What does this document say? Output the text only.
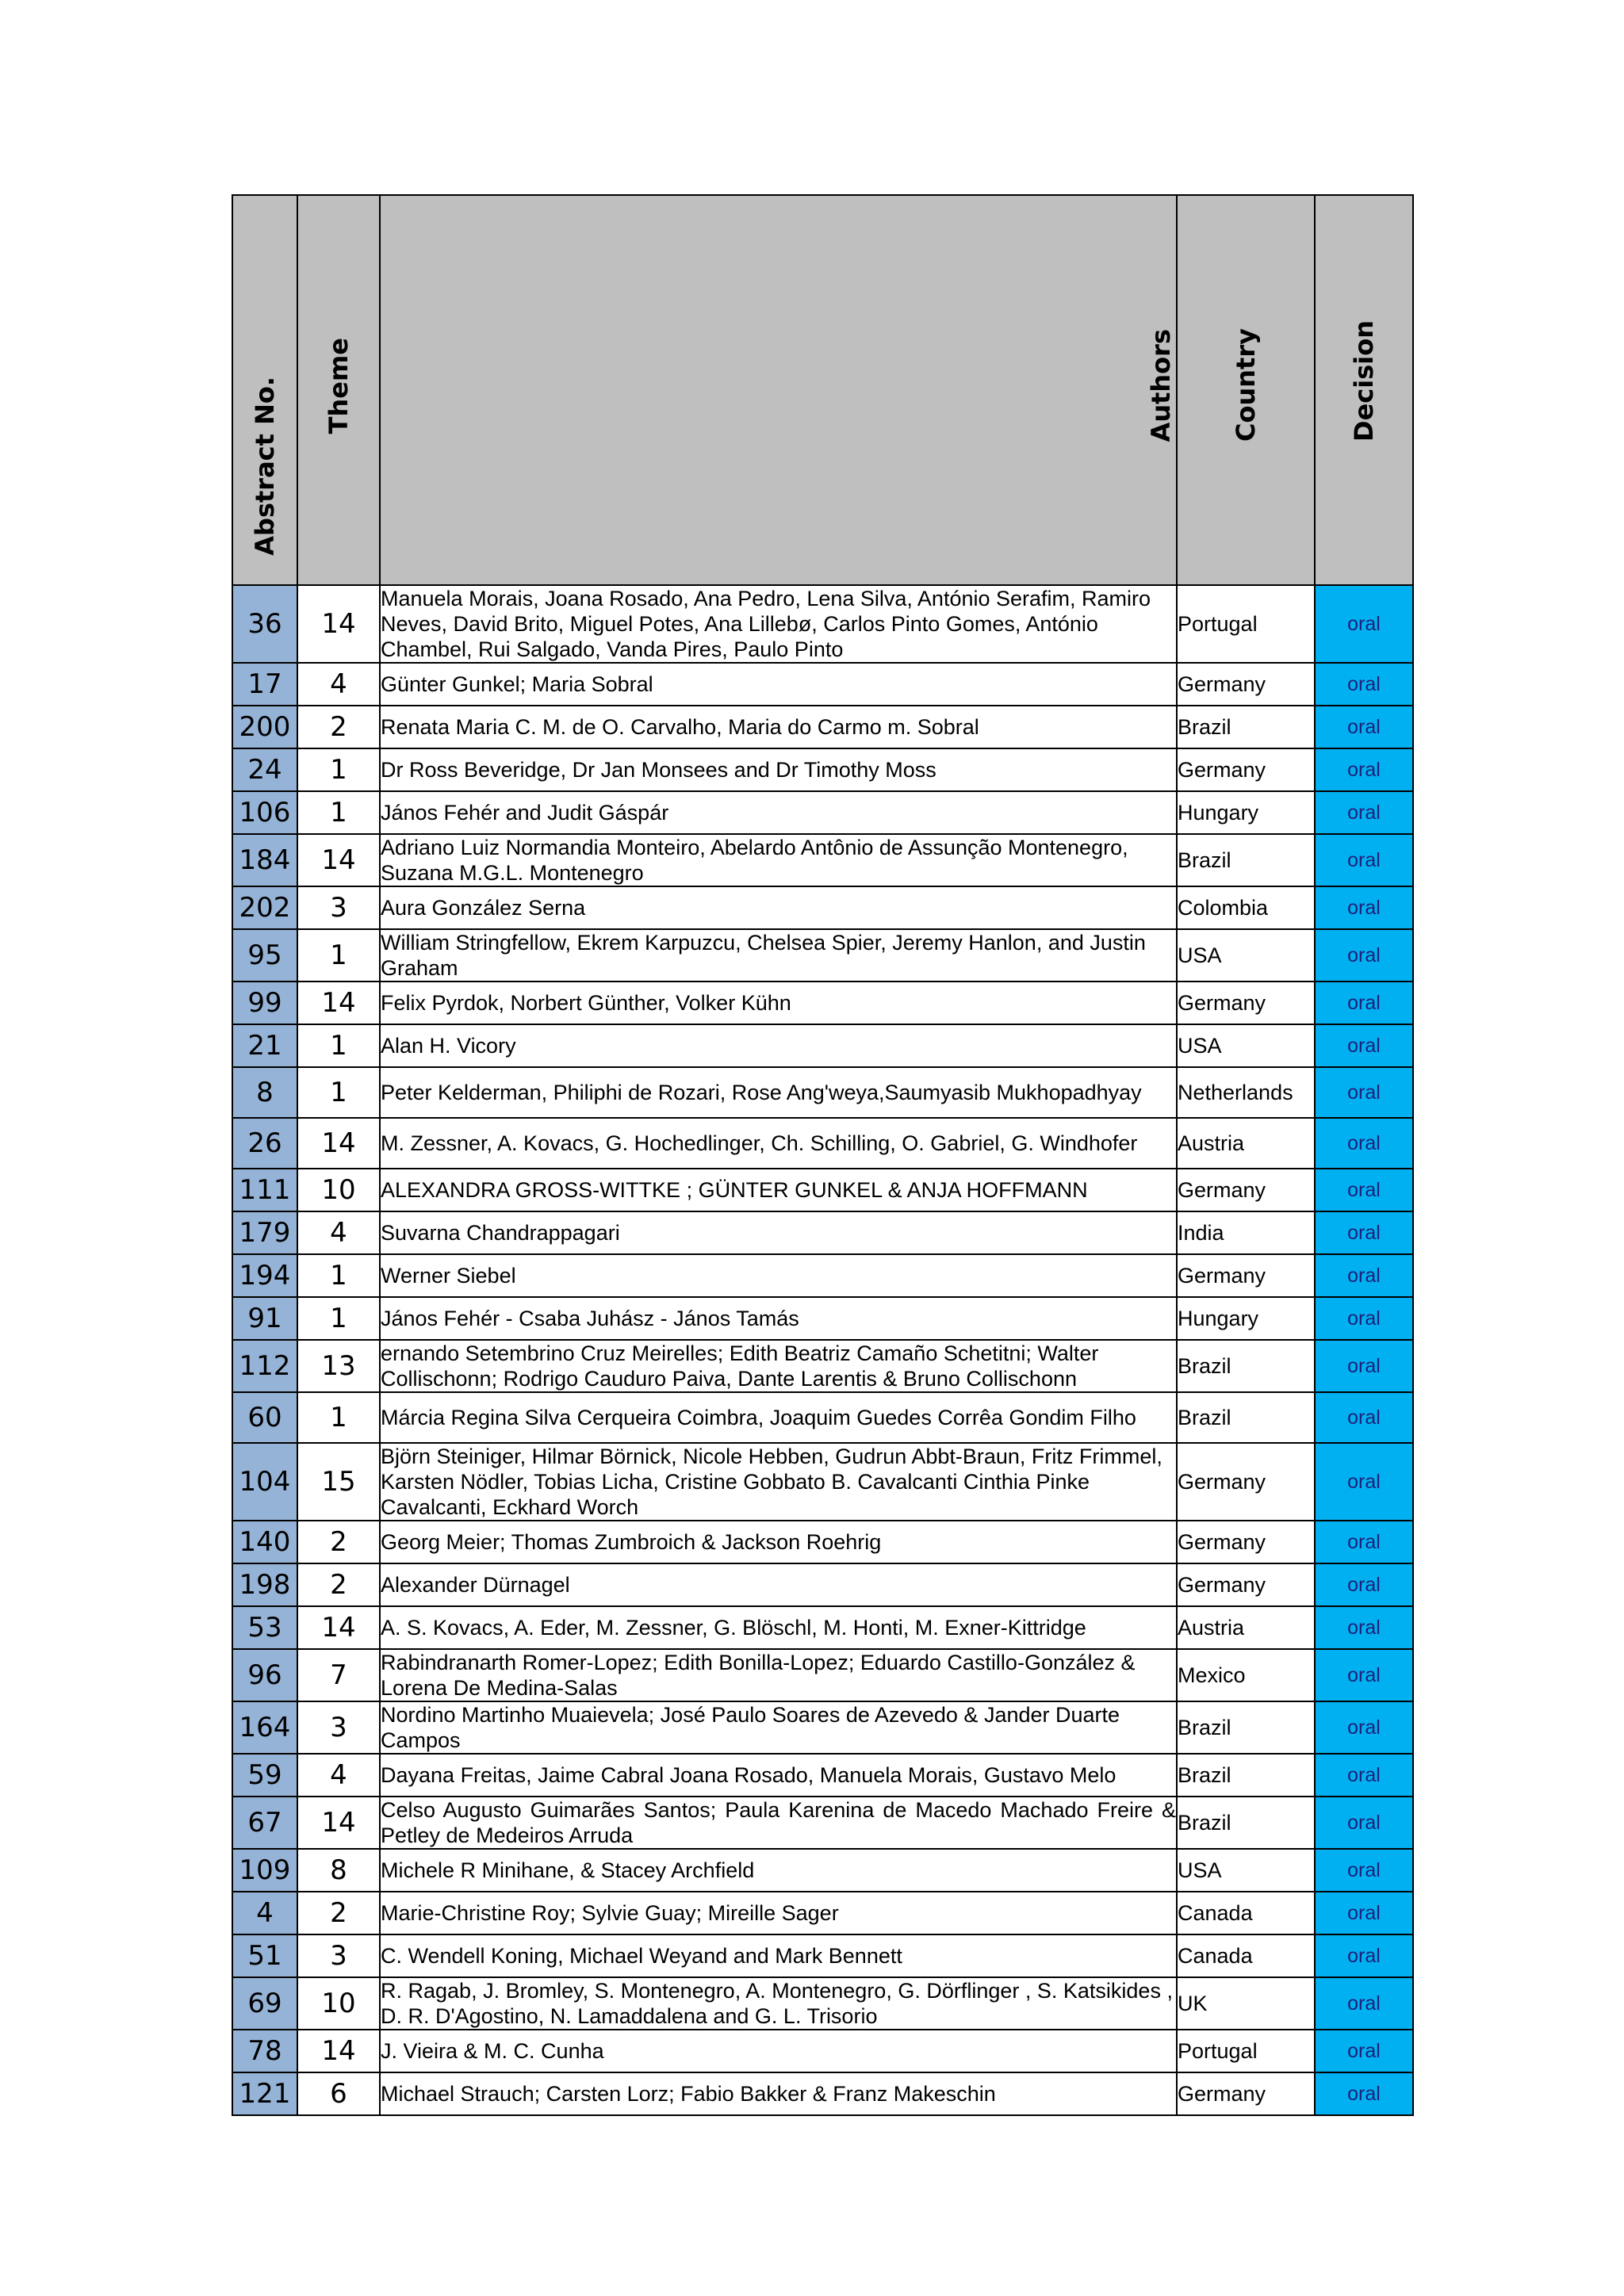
Abstract No.	Theme	Authors	Country	Decision

36	14	Manuela Morais, Joana Rosado, Ana Pedro, Lena Silva, António Serafim, Ramiro Neves, David Brito, Miguel Potes, Ana Lillebø, Carlos Pinto Gomes, António Chambel, Rui Salgado, Vanda Pires, Paulo Pinto	Portugal	oral
17	4	Günter Gunkel; Maria Sobral	Germany	oral
200	2	Renata Maria C. M. de O. Carvalho, Maria do Carmo m. Sobral	Brazil	oral
24	1	Dr Ross Beveridge, Dr Jan Monsees and Dr Timothy Moss	Germany	oral
106	1	János Fehér and Judit Gáspár	Hungary	oral
184	14	Adriano Luiz Normandia Monteiro, Abelardo Antônio de Assunção Montenegro, Suzana M.G.L. Montenegro	Brazil	oral
202	3	Aura González Serna	Colombia	oral
95	1	William Stringfellow, Ekrem Karpuzcu, Chelsea Spier, Jeremy Hanlon, and Justin Graham	USA	oral
99	14	Felix Pyrdok, Norbert Günther, Volker Kühn	Germany	oral
21	1	Alan H. Vicory	USA	oral
8	1	Peter Kelderman, Philiphi de Rozari, Rose Ang'weya,Saumyasib Mukhopadhyay	Netherlands	oral
26	14	M. Zessner, A. Kovacs, G. Hochedlinger, Ch. Schilling, O. Gabriel, G. Windhofer	Austria	oral
111	10	ALEXANDRA GROSS-WITTKE ; GÜNTER GUNKEL & ANJA HOFFMANN	Germany	oral
179	4	Suvarna Chandrappagari	India	oral
194	1	Werner Siebel	Germany	oral
91	1	János Fehér - Csaba Juhász - János Tamás	Hungary	oral
112	13	ernando Setembrino Cruz Meirelles; Edith Beatriz Camaño Schetitni; Walter Collischonn; Rodrigo Cauduro Paiva, Dante Larentis & Bruno Collischonn	Brazil	oral
60	1	Márcia Regina Silva Cerqueira Coimbra, Joaquim Guedes Corrêa Gondim Filho	Brazil	oral
104	15	Björn Steiniger, Hilmar Börnick, Nicole Hebben, Gudrun Abbt-Braun, Fritz Frimmel, Karsten Nödler, Tobias Licha, Cristine Gobbato B. Cavalcanti Cinthia Pinke Cavalcanti, Eckhard Worch	Germany	oral
140	2	Georg Meier; Thomas Zumbroich & Jackson Roehrig	Germany	oral
198	2	Alexander Dürnagel	Germany	oral
53	14	A. S. Kovacs, A. Eder, M. Zessner, G. Blöschl, M. Honti, M. Exner-Kittridge	Austria	oral
96	7	Rabindranarth Romer-Lopez; Edith Bonilla-Lopez; Eduardo Castillo-González & Lorena De Medina-Salas	Mexico	oral
164	3	Nordino Martinho Muaievela; José Paulo Soares de Azevedo & Jander Duarte Campos	Brazil	oral
59	4	Dayana Freitas, Jaime Cabral Joana Rosado, Manuela Morais, Gustavo Melo	Brazil	oral
67	14	Celso Augusto Guimarães Santos; Paula Karenina de Macedo Machado Freire & Petley de Medeiros Arruda	Brazil	oral
109	8	Michele R Minihane, & Stacey Archfield	USA	oral
4	2	Marie-Christine Roy; Sylvie Guay; Mireille Sager	Canada	oral
51	3	C. Wendell Koning, Michael Weyand and Mark Bennett	Canada	oral
69	10	R. Ragab, J. Bromley, S. Montenegro, A. Montenegro, G. Dörflinger , S. Katsikides , D. R. D'Agostino, N. Lamaddalena and G. L. Trisorio	UK	oral
78	14	J. Vieira & M. C. Cunha	Portugal	oral
121	6	Michael Strauch; Carsten Lorz; Fabio Bakker & Franz Makeschin	Germany	oral
